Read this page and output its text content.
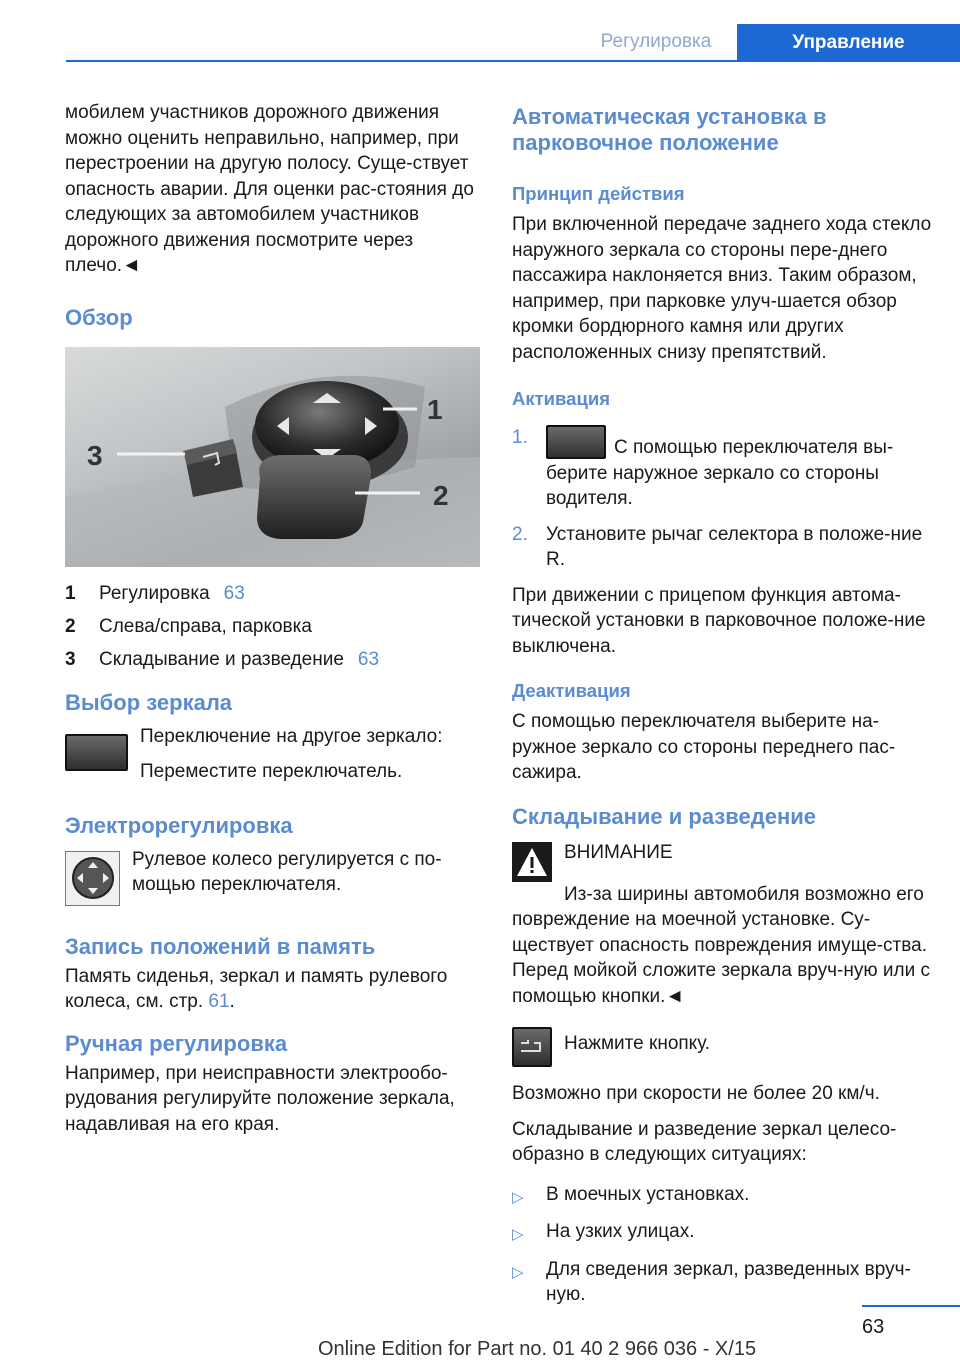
Регулировка	Управление

мобилем участников дорожного движения можно оценить неправильно, например, при перестроении на другую полосу. Суще-ствует опасность аварии. Для оценки рас-стояния до следующих за автомобилем участников дорожного движения посмотрите через плечо.◄

Обзор
1
2
3
1	Регулировка 63
2	Слева/справа, парковка
3	Складывание и разведение 63
Выбор зеркала

Переключение на другое зеркало:

Переместите переключатель.

Электрорегулировка

Рулевое колесо регулируется с по-мощью переключателя.

Запись положений в память

Память сиденья, зеркал и память рулевого колеса, см. стр. 61.

Ручная регулировка

Например, при неисправности электрообо-рудования регулируйте положение зеркала, надавливая на его края.

Автоматическая установка в парковочное положение
Принцип действия

При включенной передаче заднего хода стекло наружного зеркала со стороны пере-днего пассажира наклоняется вниз. Таким образом, например, при парковке улуч-шается обзор кромки бордюрного камня или других расположенных снизу препятствий.

Активация
1.	С помощью переключателя вы-берите наружное зеркало со стороны водителя.
2. Установите рычаг селектора в положе-ние R.

При движении с прицепом функция автома-тической установки в парковочное положе-ние выключена.

Деактивация

С помощью переключателя выберите на-ружное зеркало со стороны переднего пас-сажира.

Складывание и разведение

ВНИМАНИЕ

Из-за ширины автомобиля возможно его повреждение на моечной установке. Су-ществует опасность повреждения имуще-ства. Перед мойкой сложите зеркала вруч-ную или с помощью кнопки.◄

Нажмите кнопку.

Возможно при скорости не более 20 км/ч.

Складывание и разведение зеркал целесо-образно в следующих ситуациях:

▷	В моечных установках.
▷	На узких улицах.
▷	Для сведения зеркал, разведенных вруч-ную.
63
Online Edition for Part no. 01 40 2 966 036 - X/15
